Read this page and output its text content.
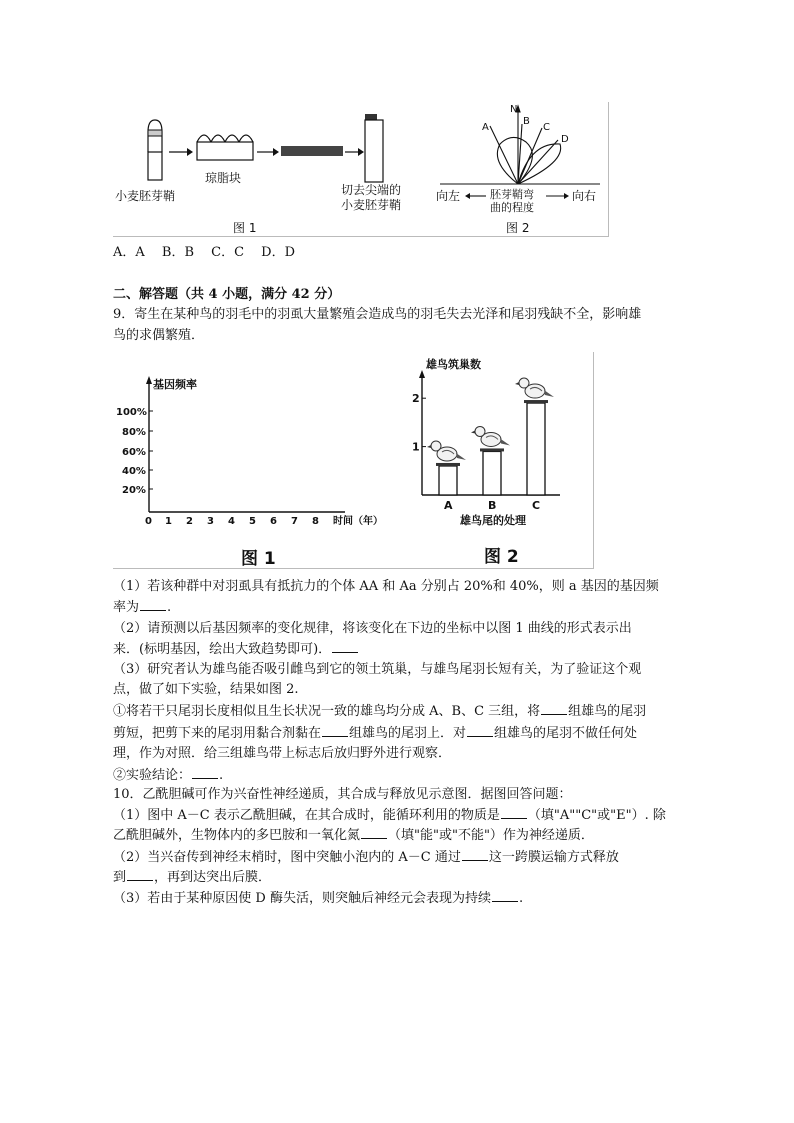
小麦胚芽鞘
琼脂块
切去尖端的
小麦胚芽鞘
图 1
N
A
B
C
D
向左	胚芽鞘弯
曲的程度
向右
图 2
A．A　 B．B　 C．C　 D．D
二、解答题（共 4 小题，满分 42 分）
9．寄生在某种鸟的羽毛中的羽虱大量繁殖会造成鸟的羽毛失去光泽和尾羽残缺不全，影响雄
鸟的求偶繁殖．
基因频率
100%
80%
60%
40%
20%
0 1 2 3 4 5 6 7 8 时间（年）
图 1
雄鸟筑巢数
1
2
A	B	C
雄鸟尾的处理
图 2
（1）若该种群中对羽虱具有抵抗力的个体 AA 和 Aa 分别占 20%和 40%，则 a 基因的基因频
率为 .
（2）请预测以后基因频率的变化规律，将该变化在下边的坐标中以图 1 曲线的形式表示出
来．(标明基因，绘出大致趋势即可)．
（3）研究者认为雄鸟能否吸引雌鸟到它的领土筑巢，与雄鸟尾羽长短有关，为了验证这个观
点，做了如下实验，结果如图 2.
①将若干只尾羽长度相似且生长状况一致的雄鸟均分成 A、B、C 三组，将 组雄鸟的尾羽
剪短，把剪下来的尾羽用黏合剂黏在 组雄鸟的尾羽上．对 组雄鸟的尾羽不做任何处
理，作为对照．给三组雄鸟带上标志后放归野外进行观察．
②实验结论： .
10．乙酰胆碱可作为兴奋性神经递质，其合成与释放见示意图．据图回答问题：
（1）图中 A－C 表示乙酰胆碱，在其合成时，能循环利用的物质是 （填"A""C"或"E"）. 除
乙酰胆碱外，生物体内的多巴胺和一氧化氮 （填"能"或"不能"）作为神经递质．
（2）当兴奋传到神经末梢时，图中突触小泡内的 A－C 通过 这一跨膜运输方式释放
到 ，再到达突出后膜．
（3）若由于某种原因使 D 酶失活，则突触后神经元会表现为持续 .
